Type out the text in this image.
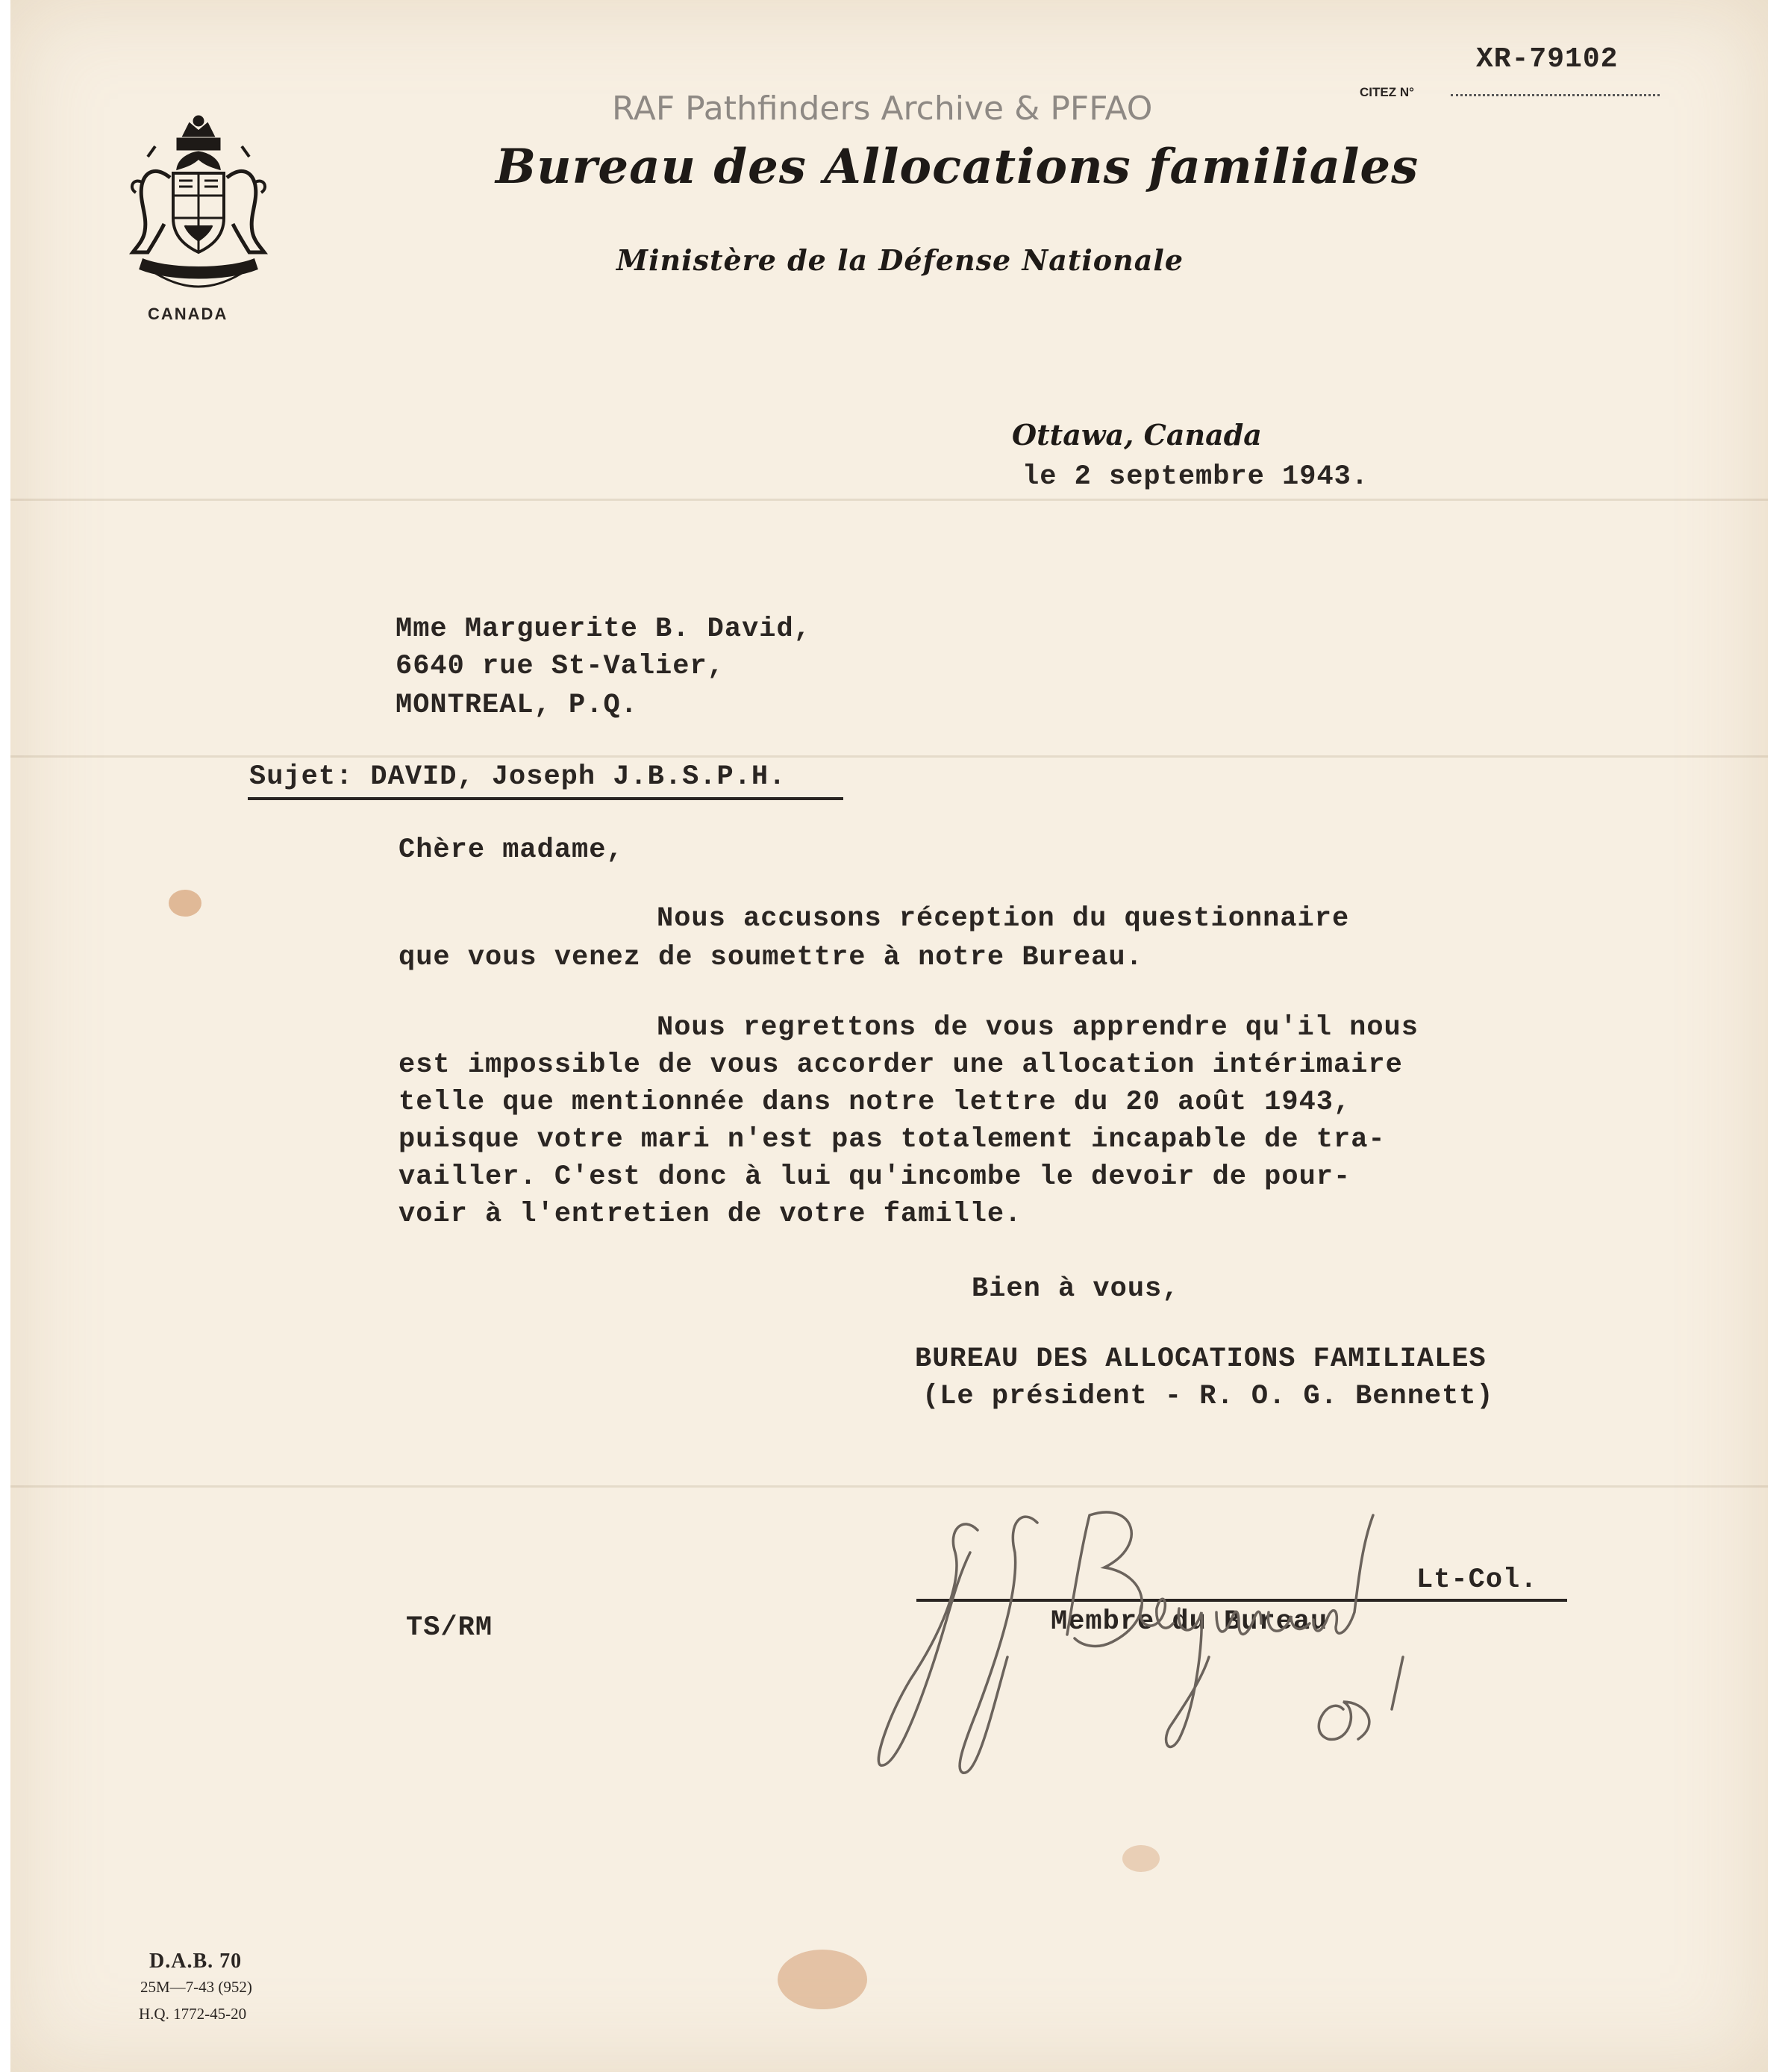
RAF Pathfinders Archive & PFFAO
XR-79102
CITEZ N°
CANADA
Bureau des Allocations familiales
Ministère de la Défense Nationale
Ottawa, Canada
le 2 septembre 1943.
Mme Marguerite B. David,
6640 rue St-Valier,
MONTREAL, P.Q.
Sujet: DAVID, Joseph J.B.S.P.H.
Chère madame,
Nous accusons réception du questionnaire
que vous venez de soumettre à notre Bureau.
Nous regrettons de vous apprendre qu'il nous
est impossible de vous accorder une allocation intérimaire
telle que mentionnée dans notre lettre du 20 août 1943,
puisque votre mari n'est pas totalement incapable de tra-
vailler. C'est donc à lui qu'incombe le devoir de pour-
voir à l'entretien de votre famille.
Bien à vous,
BUREAU DES ALLOCATIONS FAMILIALES
(Le président - R. O. G. Bennett)
Lt-Col.
Membre du Bureau
TS/RM
D.A.B. 70
25M—7-43 (952)
H.Q. 1772-45-20
